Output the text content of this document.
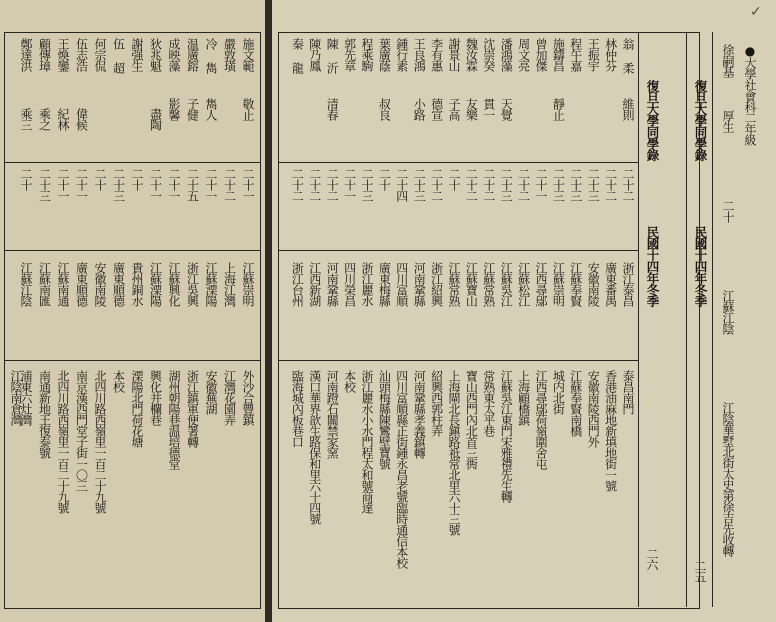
施文範
敬止
二十一
江蘇崇明
外沙合豐鎮
嚴敦璜
二十二
上海江灣
江灣花園弄
冷 雋
雋人
二十一
江蘇溧陽
安徽蕪湖
温廣鎔
子健
二十五
浙江吳興
浙江鎮軍便署轉
成映藻
影馨
二十一
江蘇興化
湖州朝陽巷温培德堂
狄兆魁
二十一
江蘇溧陽
興化井欄巷
謝强生
二十
貴州銅水
溧陽北門荷花塘
伍 超
二十三
廣東順德
本校
何宗侃
二十
安徽南陵
北四川路西嶺里一百二十九號
伍志浩
二十一
廣東順德
南京漢西門堂子街一〇三
王煥鑾
二十一
江蘇南通
北四川路西嶺里一百二十九號
顧傳璋
二十三
江蘇南匯
南通新地王復泰號
鄭達洪
二十
江蘇江陰
浦東六灶灣
盡陶
偉候
紀林
乘之
乘三
江陰南倉灣
翁 柔
維則
二十二
浙江泰昌
泰昌南門
林仲芬
二十二
廣東番禺
香港油麻地新填地街一號
王振宇
二十三
安徽南陵
安徽南陵西門外
程午嘉
二十三
江蘇奉賢
江蘇奉賢南橋
施鑄昌
靜止
二十三
江蘇崇明
城内北街
曾加傑
二十一
江西尋鄔
江西尋鄔荷嶺圍舍屯
周文亮
二十二
江蘇松江
上海顧橋鎮
潘鴻藻
天覺
二十三
江蘇吳江
江蘇吳江東門宋雅禮先生轉
沈崇癸
貫一
二十二
江蘇常熟
常熟東太平巷
魏汝霖
友樂
二十二
江蘇寶山
寶山西門內北首三衖
謝景山
子高
二十
江蘇常熟
上海閘北長鎭路祗常北里六十三號
李有惠
德宣
二十二
浙江紹興
紹興西郭柱弄
王良鴻
小路
二十三
河南鞏縣
河南鞏縣孝義鎮轉
鍾行素
二十四
四川富順
四川富順縣正街鍾永昌老號臨時通信本校
葉廣蔭
叔良
二十
廣東梅縣
汕頭梅縣陳鸞壁寶號
程乘駒
二十三
浙江麗水
浙江麗水小水門程太和號商達
郭先章
二十一
四川榮昌
本校
陳 沂
清春
二十二
河南鞏縣
河南蹬石關禁家窯
陳乃鳳
二十二
江西新湖
漢口華界歆生路保和里六十四號
秦 龍
二十二
浙江台州
臨海城內板巷口
復旦大學同學錄
民國十四年冬季
二六
復旦大學同學錄
民國十四年冬季
二五
徐嗣基
厚生
二十
江蘇江陰
江陰華墅北街太史第徐吉先收轉
●大學社會科二年級
✓
